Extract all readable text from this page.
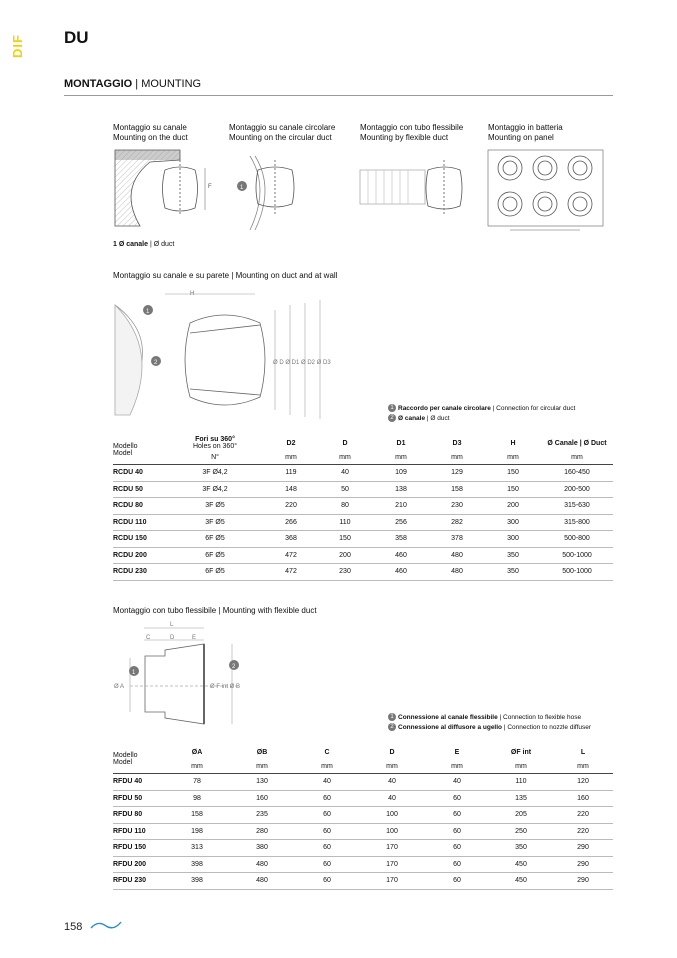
DIF DU
MONTAGGIO | MOUNTING
Montaggio su canale
Mounting on the duct
Montaggio su canale circolare
Mounting on the circular duct
Montaggio con tubo flessibile
Mounting by flexible duct
Montaggio in batteria
Mounting on panel
F	1
1 Ø canale | Ø duct
Montaggio su canale e su parete | Mounting on duct and at wall
H
Ø D Ø D1 Ø D2 Ø D3
1
2
1 Raccordo per canale circolare | Connection for circular duct
2 Ø canale | Ø duct
Modello	Fori su 360°
Holes on 360°	D2	D	D1	D3	H	Ø Canale | Ø Duct
Model	N°	mm	mm	mm	mm	mm	mm
RCDU 40	3F Ø4,2	119	40	109	129	150	160-450
RCDU 50	3F Ø4,2	148	50	138	158	150	200-500
RCDU 80	3F Ø5	220	80	210	230	200	315-630
RCDU 110	3F Ø5	266	110	256	282	300	315-800
RCDU 150	6F Ø5	368	150	358	378	300	500-800
RCDU 200	6F Ø5	472	200	460	480	350	500-1000
RCDU 230	6F Ø5	472	230	460	480	350	500-1000
Montaggio con tubo flessibile | Mounting with flexible duct
L
C	D	E
Ø A	Ø F int Ø B
1
2
1 Connessione al canale flessibile | Connection to flexible hose
2 Connessione al diffusore a ugello | Connection to nozzle diffuser
Modello	ØA	ØB	C	D	E	ØF int	L
Model	mm	mm	mm	mm	mm	mm	mm
RFDU 40	78	130	40	40	40	110	120
RFDU 50	98	160	60	40	60	135	160
RFDU 80	158	235	60	100	60	205	220
RFDU 110	198	280	60	100	60	250	220
RFDU 150	313	380	60	170	60	350	290
RFDU 200	398	480	60	170	60	450	290
RFDU 230	398	480	60	170	60	450	290
158
